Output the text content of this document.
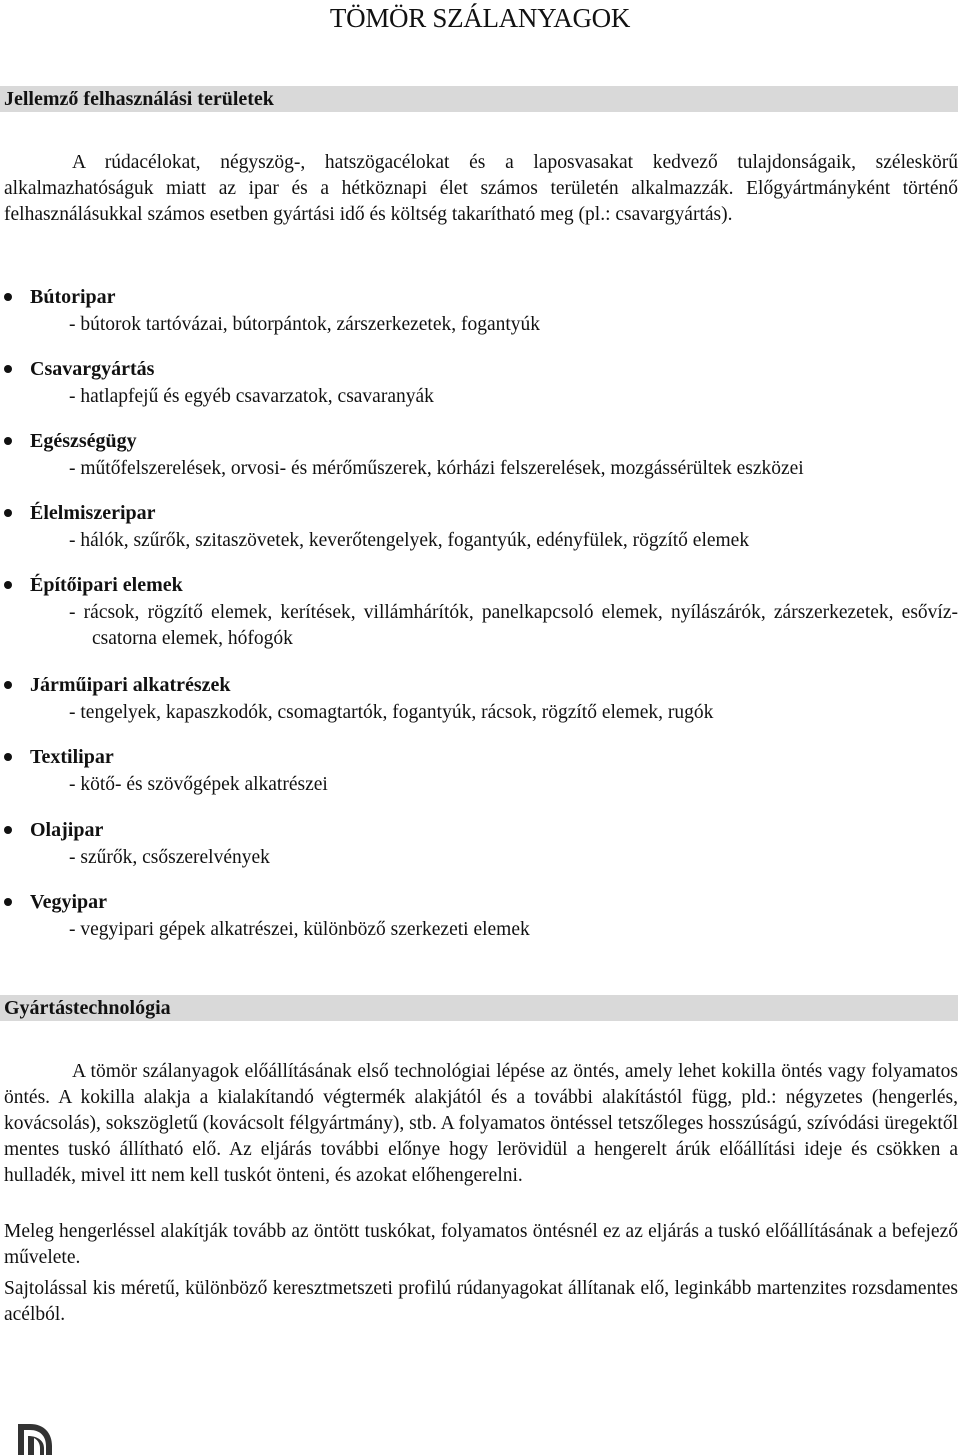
TÖMÖR SZÁLANYAGOK
Jellemző felhasználási területek

A rúdacélokat, négyszög-, hatszögacélokat és a laposvasakat kedvező tulajdonságaik, széleskörű alkalmazhatóságuk miatt az ipar és a hétköznapi élet számos területén alkalmazzák. Előgyártmányként történő felhasználásukkal számos esetben gyártási idő és költség takarítható meg (pl.: csavargyártás).

Bútoripar
- bútorok tartóvázai, bútorpántok, zárszerkezetek, fogantyúk
Csavargyártás
- hatlapfejű és egyéb csavarzatok, csavaranyák
Egészségügy
- műtőfelszerelések, orvosi- és mérőműszerek, kórházi felszerelések, mozgássérültek eszközei
Élelmiszeripar
- hálók, szűrők, szitaszövetek, keverőtengelyek, fogantyúk, edényfülek, rögzítő elemek
Építőipari elemek
- rácsok, rögzítő elemek, kerítések, villámhárítók, panelkapcsoló elemek, nyílászárók, zárszerkezetek, esővíz-csatorna elemek, hófogók
Járműipari alkatrészek
- tengelyek, kapaszkodók, csomagtartók, fogantyúk, rácsok, rögzítő elemek, rugók
Textilipar
- kötő- és szövőgépek alkatrészei
Olajipar
- szűrők, csőszerelvények
Vegyipar
- vegyipari gépek alkatrészei, különböző szerkezeti elemek
Gyártástechnológia

A tömör szálanyagok előállításának első technológiai lépése az öntés, amely lehet kokilla öntés vagy folyamatos öntés. A kokilla alakja a kialakítandó végtermék alakjától és a további alakítástól függ, pld.: négyzetes (hengerlés, kovácsolás), sokszögletű (kovácsolt félgyártmány), stb. A folyamatos öntéssel tetszőleges hosszúságú, szívódási üregektől mentes tuskó állítható elő. Az eljárás további előnye hogy lerövidül a hengerelt árúk előállítási ideje és csökken a hulladék, mivel itt nem kell tuskót önteni, és azokat előhengerelni.

Meleg hengerléssel alakítják tovább az öntött tuskókat, folyamatos öntésnél ez az eljárás a tuskó előállításának a befejező művelete.

Sajtolással kis méretű, különböző keresztmetszeti profilú rúdanyagokat állítanak elő, leginkább martenzites rozsdamentes acélból.
